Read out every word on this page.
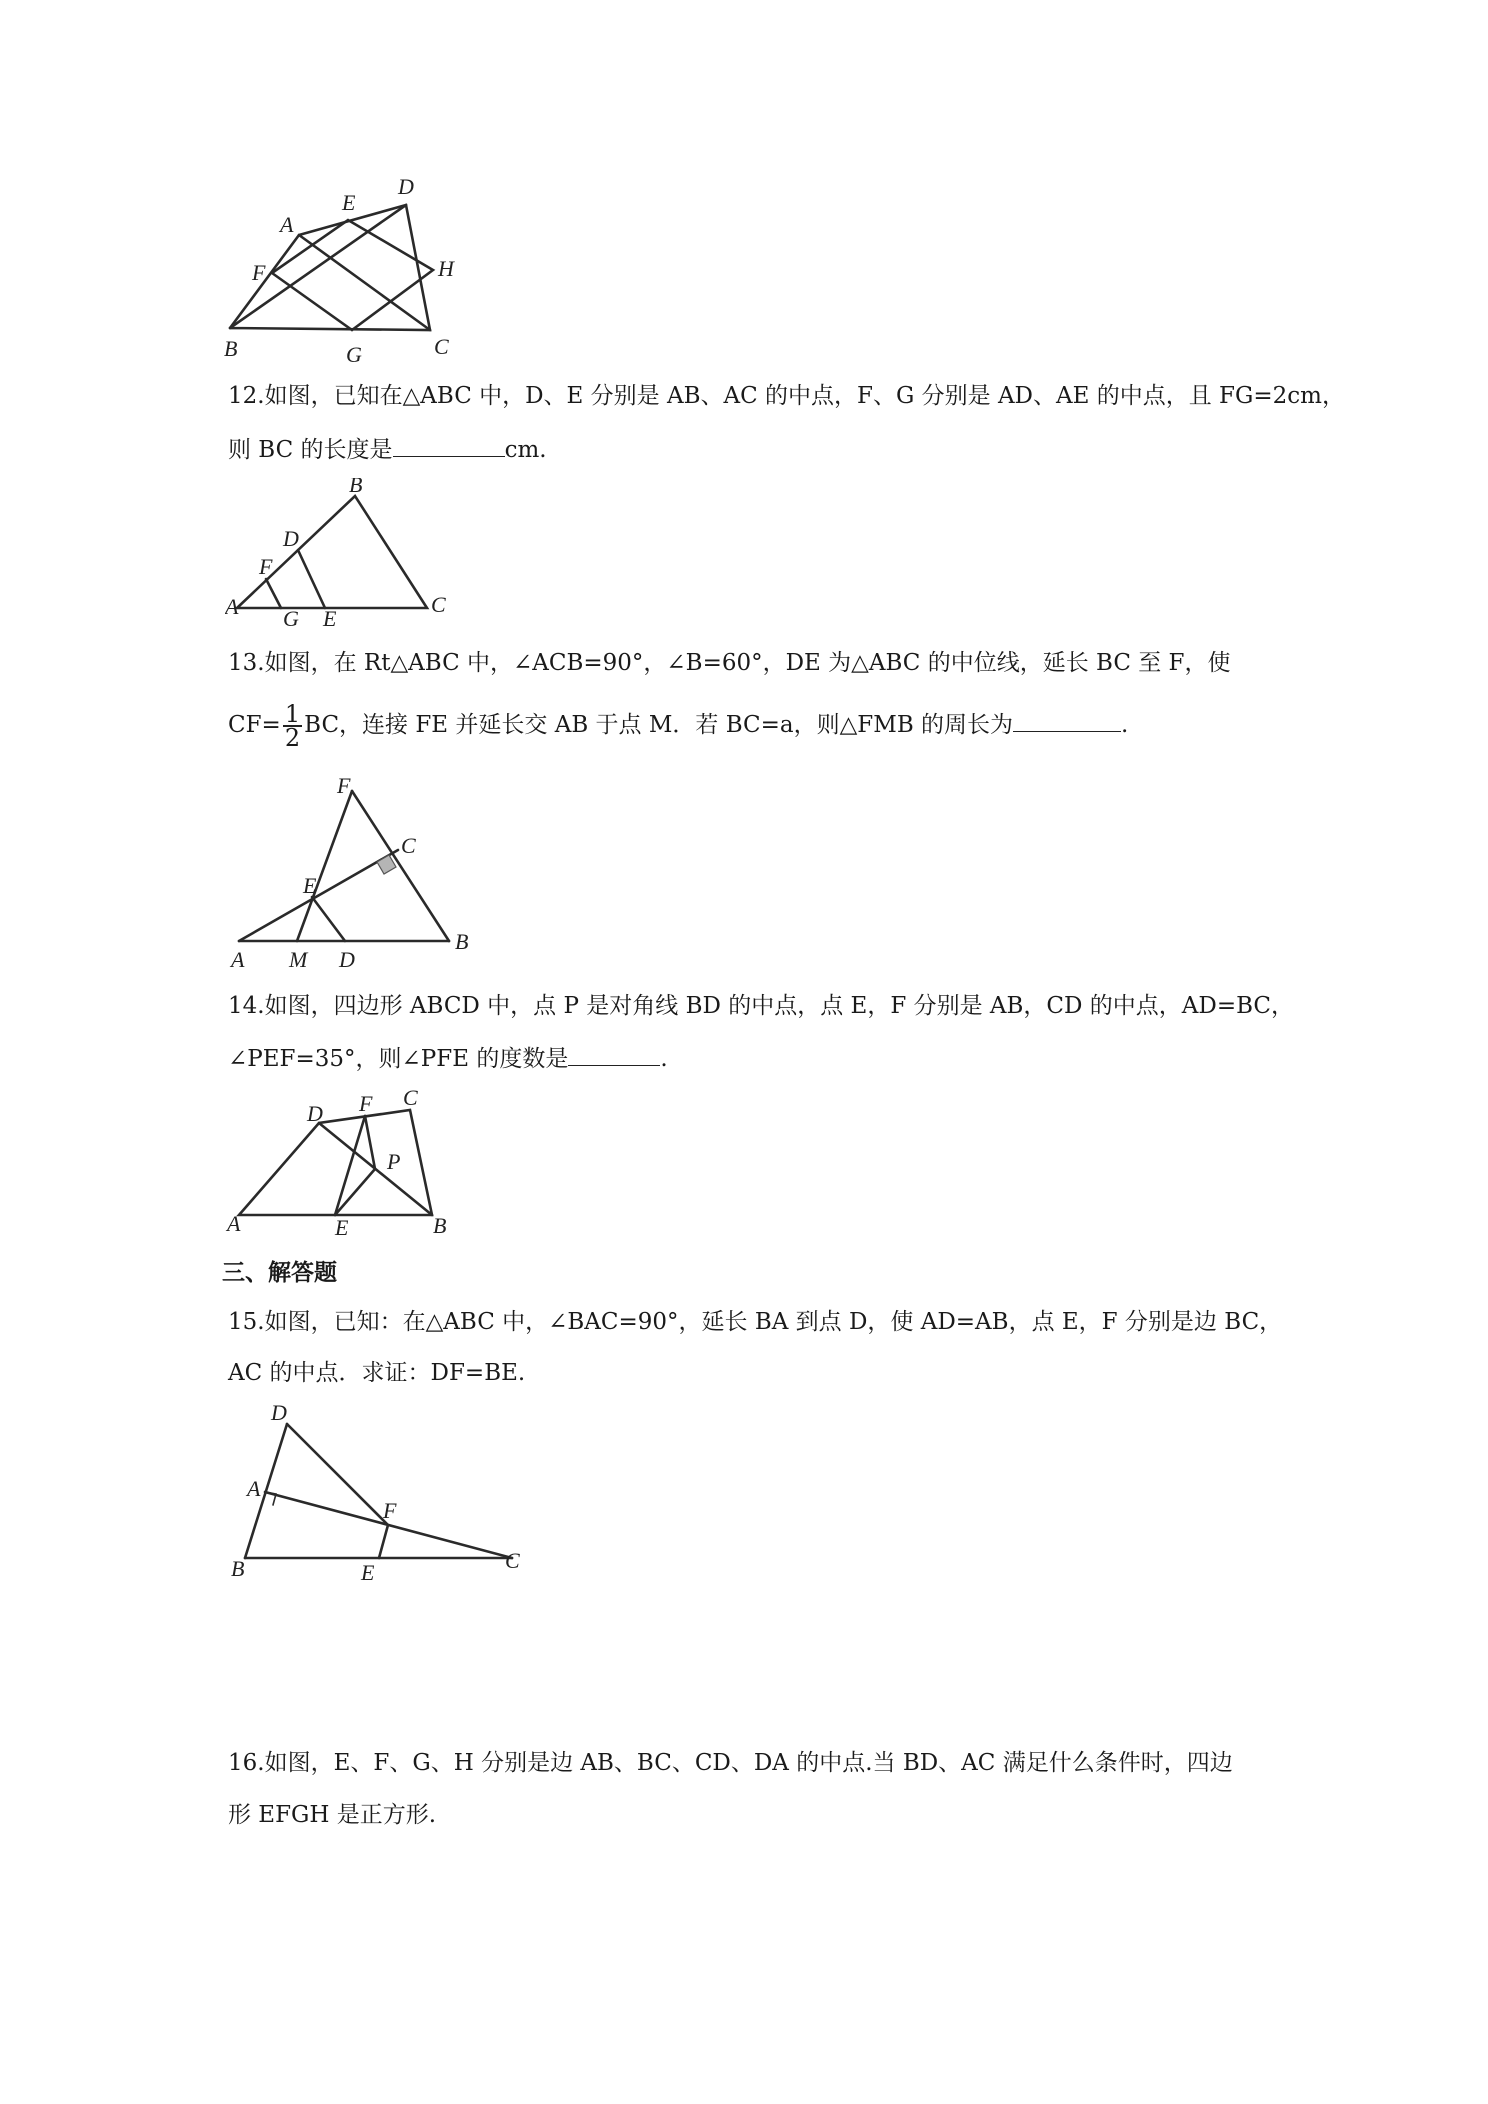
A
E
D
F	H
B	G	C
12.如图，已知在△ABC 中，D、E 分别是 AB、AC 的中点，F、G 分别是 AD、AE 的中点，且 FG=2cm，
则 BC 的长度是	cm.
B
D
F
A G E
C
13.如图，在 Rt△ABC 中，∠ACB=90°，∠B=60°，DE 为△ABC 的中位线，延长 BC 至 F，使
$CF= \frac{1}{2}$ BC，连接 FE 并延长交 AB 于点 M．若 BC=a，则△FMB 的周长为	.
F
C
E
A M D
B
14.如图，四边形 ABCD 中，点 P 是对角线 BD 的中点，点 E，F 分别是 AB，CD 的中点，AD=BC，
∠PEF=35°，则∠PFE 的度数是	.
D F C
P
A	E	B
三、解答题
15.如图，已知：在△ABC 中，∠BAC=90°，延长 BA 到点 D，使 AD=AB，点 E，F 分别是边 BC，
AC 的中点．求证：DF=BE.
D
A
F
B	E	C
16.如图，E、F、G、H 分别是边 AB、BC、CD、DA 的中点.当 BD、AC 满足什么条件时，四边
形 EFGH 是正方形.
